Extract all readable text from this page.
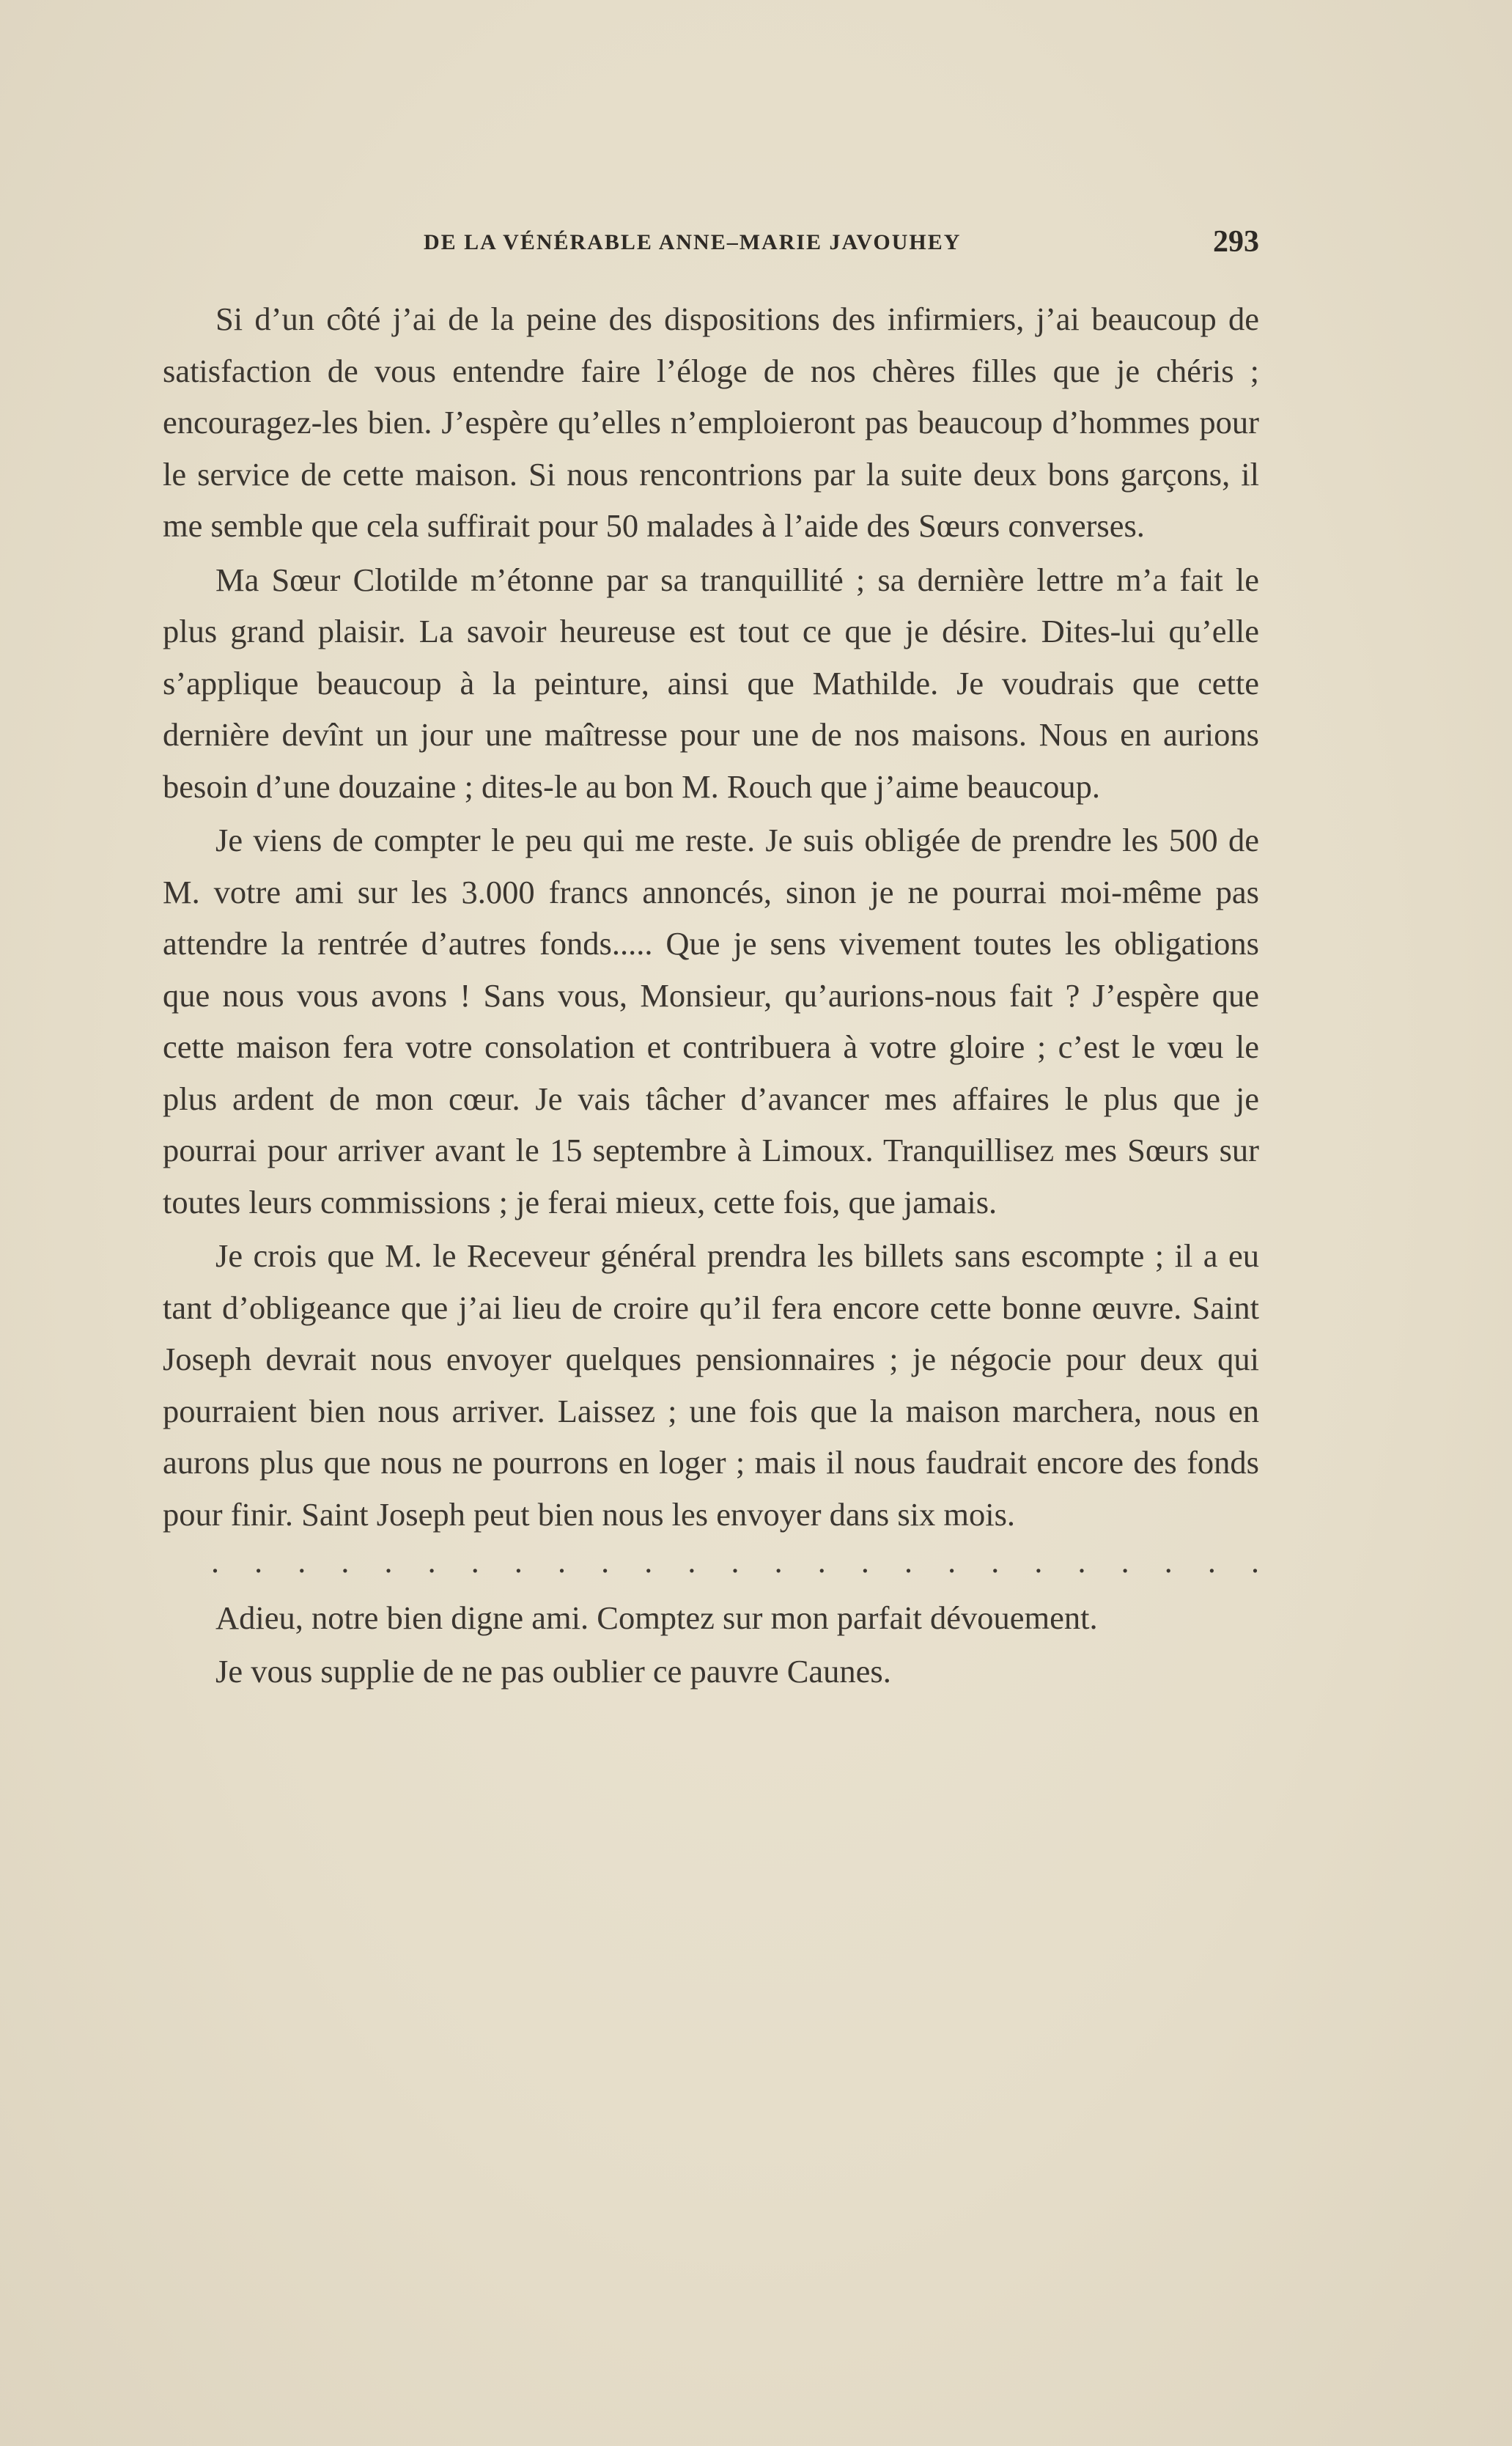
DE LA VÉNÉRABLE ANNE–MARIE JAVOUHEY	293

Si d’un côté j’ai de la peine des dispositions des infirmiers, j’ai beaucoup de satisfaction de vous entendre faire l’éloge de nos chères filles que je chéris ; encouragez-les bien. J’espère qu’elles n’emploieront pas beaucoup d’hommes pour le service de cette maison. Si nous rencontrions par la suite deux bons garçons, il me semble que cela suffirait pour 50 malades à l’aide des Sœurs converses.

Ma Sœur Clotilde m’étonne par sa tranquillité ; sa dernière lettre m’a fait le plus grand plaisir. La savoir heureuse est tout ce que je désire. Dites-lui qu’elle s’applique beaucoup à la peinture, ainsi que Mathilde. Je voudrais que cette dernière devînt un jour une maîtresse pour une de nos maisons. Nous en aurions besoin d’une douzaine ; dites-le au bon M. Rouch que j’aime beaucoup.

Je viens de compter le peu qui me reste. Je suis obligée de prendre les 500 de M. votre ami sur les 3.000 francs annoncés, sinon je ne pourrai moi-même pas attendre la rentrée d’autres fonds..... Que je sens vivement toutes les obligations que nous vous avons ! Sans vous, Monsieur, qu’aurions-nous fait ? J’espère que cette maison fera votre consolation et contribuera à votre gloire ; c’est le vœu le plus ardent de mon cœur. Je vais tâcher d’avancer mes affaires le plus que je pourrai pour arriver avant le 15 septembre à Limoux. Tranquillisez mes Sœurs sur toutes leurs commissions ; je ferai mieux, cette fois, que jamais.

Je crois que M. le Receveur général prendra les billets sans escompte ; il a eu tant d’obligeance que j’ai lieu de croire qu’il fera encore cette bonne œuvre. Saint Joseph devrait nous envoyer quelques pensionnaires ; je négocie pour deux qui pourraient bien nous arriver. Laissez ; une fois que la maison marchera, nous en aurons plus que nous ne pourrons en loger ; mais il nous faudrait encore des fonds pour finir. Saint Joseph peut bien nous les envoyer dans six mois.

. . . . . . . . . . . . . . . . . . . . . . . . .

Adieu, notre bien digne ami. Comptez sur mon parfait dévouement.

Je vous supplie de ne pas oublier ce pauvre Caunes.
